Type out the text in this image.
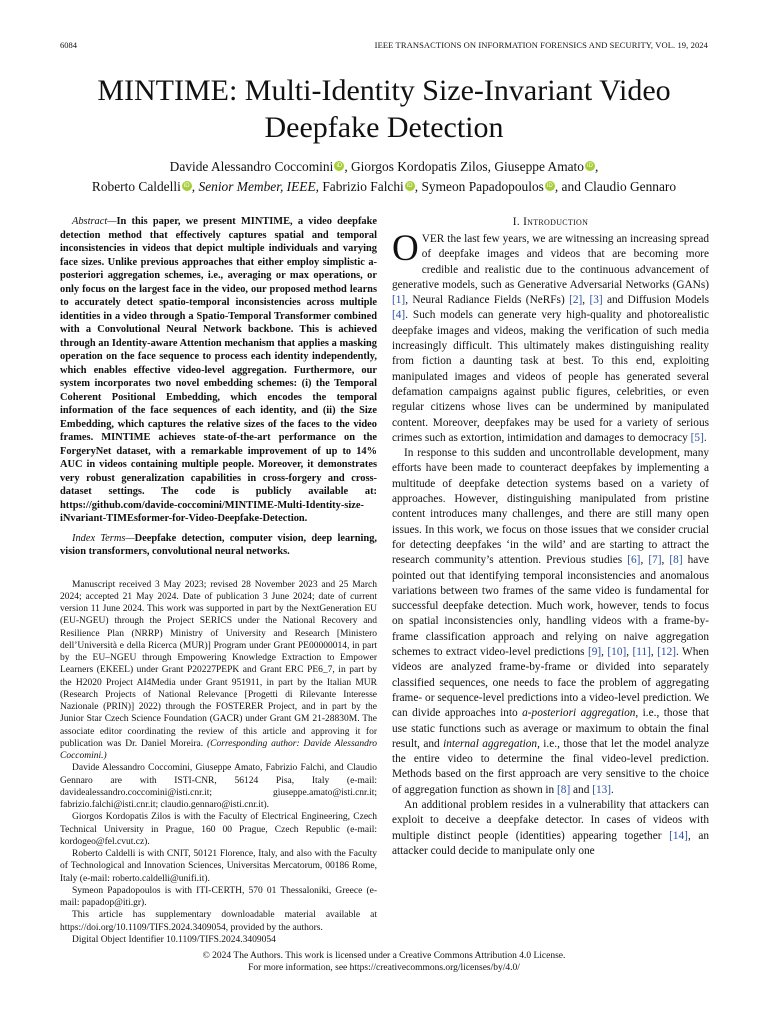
6084	IEEE TRANSACTIONS ON INFORMATION FORENSICS AND SECURITY, VOL. 19, 2024
MINTIME: Multi-Identity Size-Invariant Video Deepfake Detection
Davide Alessandro Coccomini iD , Giorgos Kordopatis Zilos, Giuseppe Amato iD ,
Roberto Caldelli iD , Senior Member, IEEE, Fabrizio Falchi iD , Symeon Papadopoulos iD , and Claudio Gennaro
Abstract—In this paper, we present MINTIME, a video deepfake detection method that effectively captures spatial and temporal inconsistencies in videos that depict multiple individuals and varying face sizes. Unlike previous approaches that either employ simplistic a-posteriori aggregation schemes, i.e., averaging or max operations, or only focus on the largest face in the video, our proposed method learns to accurately detect spatio-temporal inconsistencies across multiple identities in a video through a Spatio-Temporal Transformer combined with a Convolutional Neural Network backbone. This is achieved through an Identity-aware Attention mechanism that applies a masking operation on the face sequence to process each identity independently, which enables effective video-level aggregation. Furthermore, our system incorporates two novel embedding schemes: (i) the Temporal Coherent Positional Embedding, which encodes the temporal information of the face sequences of each identity, and (ii) the Size Embedding, which captures the relative sizes of the faces to the video frames. MINTIME achieves state-of-the-art performance on the ForgeryNet dataset, with a remarkable improvement of up to 14% AUC in videos containing multiple people. Moreover, it demonstrates very robust generalization capabilities in cross-forgery and cross-dataset settings. The code is publicly available at: https://github.com/davide-coccomini/MINTIME-Multi-Identity-size-iNvariant-TIMEsformer-for-Video-Deepfake-Detection.
Index Terms—Deepfake detection, computer vision, deep learning, vision transformers, convolutional neural networks.

Manuscript received 3 May 2023; revised 28 November 2023 and 25 March 2024; accepted 21 May 2024. Date of publication 3 June 2024; date of current version 11 June 2024. This work was supported in part by the NextGeneration EU (EU-NGEU) through the Project SERICS under the National Recovery and Resilience Plan (NRRP) Ministry of University and Research [Ministero dell’Università e della Ricerca (MUR)] Program under Grant PE00000014, in part by the EU–NGEU through Empowering Knowledge Extraction to Empower Learners (EKEEL) under Grant P20227PEPK and Grant ERC PE6_7, in part by the H2020 Project AI4Media under Grant 951911, in part by the Italian MUR (Research Projects of National Relevance [Progetti di Rilevante Interesse Nazionale (PRIN)] 2022) through the FOSTERER Project, and in part by the Junior Star Czech Science Foundation (GACR) under Grant GM 21-28830M. The associate editor coordinating the review of this article and approving it for publication was Dr. Daniel Moreira. (Corresponding author: Davide Alessandro Coccomini.)

Davide Alessandro Coccomini, Giuseppe Amato, Fabrizio Falchi, and Claudio Gennaro are with ISTI-CNR, 56124 Pisa, Italy (e-mail: davidealessandro.coccomini@isti.cnr.it; giuseppe.amato@isti.cnr.it; fabrizio.falchi@isti.cnr.it; claudio.gennaro@isti.cnr.it).

Giorgos Kordopatis Zilos is with the Faculty of Electrical Engineering, Czech Technical University in Prague, 160 00 Prague, Czech Republic (e-mail: kordogeo@fel.cvut.cz).

Roberto Caldelli is with CNIT, 50121 Florence, Italy, and also with the Faculty of Technological and Innovation Sciences, Universitas Mercatorum, 00186 Rome, Italy (e-mail: roberto.caldelli@unifi.it).

Symeon Papadopoulos is with ITI-CERTH, 570 01 Thessaloniki, Greece (e-mail: papadop@iti.gr).

This article has supplementary downloadable material available at https://doi.org/10.1109/TIFS.2024.3409054, provided by the authors.

Digital Object Identifier 10.1109/TIFS.2024.3409054

I. Introduction

OVER the last few years, we are witnessing an increasing spread of deepfake images and videos that are becoming more credible and realistic due to the continuous advancement of generative models, such as Generative Adversarial Networks (GANs) [1], Neural Radiance Fields (NeRFs) [2], [3] and Diffusion Models [4]. Such models can generate very high-quality and photorealistic deepfake images and videos, making the verification of such media increasingly difficult. This ultimately makes distinguishing reality from fiction a daunting task at best. To this end, exploiting manipulated images and videos of people has generated several defamation campaigns against public figures, celebrities, or even regular citizens whose lives can be undermined by manipulated content. Moreover, deepfakes may be used for a variety of serious crimes such as extortion, intimidation and damages to democracy [5].

In response to this sudden and uncontrollable development, many efforts have been made to counteract deepfakes by implementing a multitude of deepfake detection systems based on a variety of approaches. However, distinguishing manipulated from pristine content introduces many challenges, and there are still many open issues. In this work, we focus on those issues that we consider crucial for detecting deepfakes ‘in the wild’ and are starting to attract the research community’s attention. Previous studies [6], [7], [8] have pointed out that identifying temporal inconsistencies and anomalous variations between two frames of the same video is fundamental for successful deepfake detection. Much work, however, tends to focus on spatial inconsistencies only, handling videos with a frame-by-frame classification approach and relying on naive aggregation schemes to extract video-level predictions [9], [10], [11], [12]. When videos are analyzed frame-by-frame or divided into separately classified sequences, one needs to face the problem of aggregating frame- or sequence-level predictions into a video-level prediction. We can divide approaches into a-posteriori aggregation, i.e., those that use static functions such as average or maximum to obtain the final result, and internal aggregation, i.e., those that let the model analyze the entire video to determine the final video-level prediction. Methods based on the first approach are very sensitive to the choice of aggregation function as shown in [8] and [13].

An additional problem resides in a vulnerability that attackers can exploit to deceive a deepfake detector. In cases of videos with multiple distinct people (identities) appearing together [14], an attacker could decide to manipulate only one

© 2024 The Authors. This work is licensed under a Creative Commons Attribution 4.0 License.
For more information, see https://creativecommons.org/licenses/by/4.0/
